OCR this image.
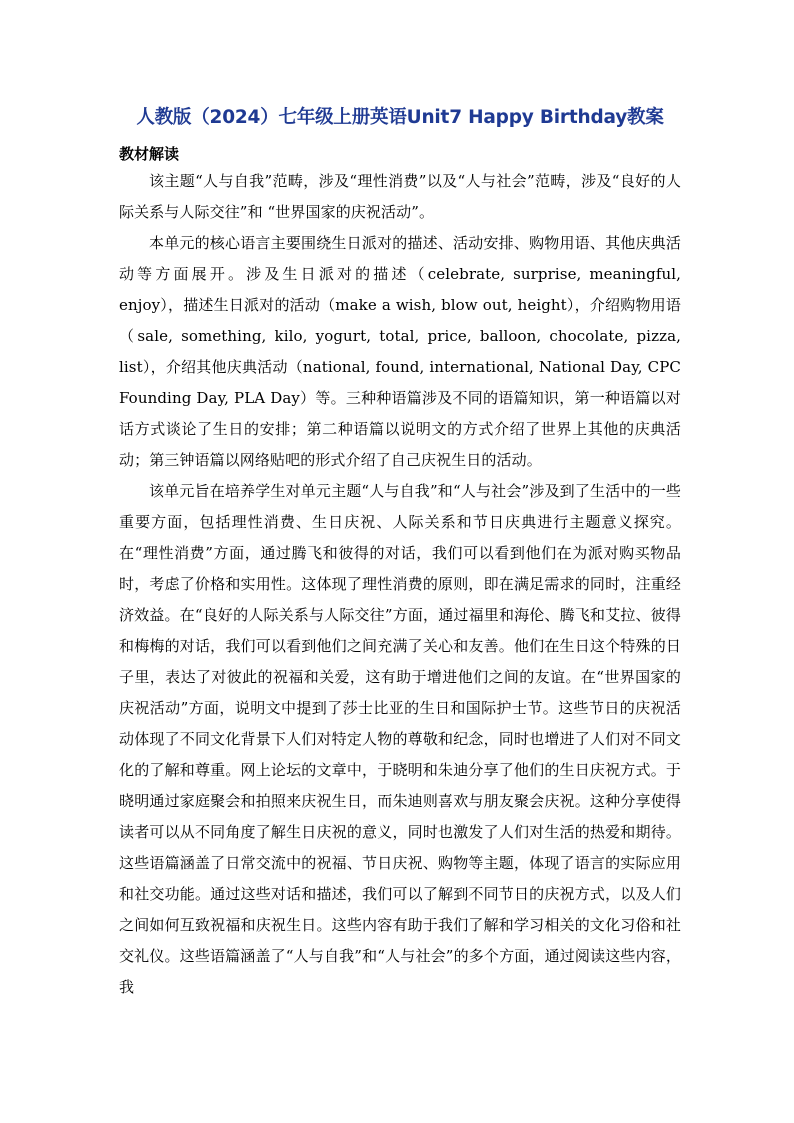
人教版（2024）七年级上册英语Unit7 Happy Birthday教案
教材解读

该主题“人与自我”范畴，涉及“理性消费”以及“人与社会”范畴，涉及“良好的人际关系与人际交往”和 “世界国家的庆祝活动”。

本单元的核心语言主要围绕生日派对的描述、活动安排、购物用语、其他庆典活动等方面展开。涉及生日派对的描述（celebrate, surprise, meaningful, enjoy），描述生日派对的活动（make a wish, blow out, height），介绍购物用语（sale, something, kilo, yogurt, total, price, balloon, chocolate, pizza, list），介绍其他庆典活动（national, found, international, National Day, CPC Founding Day, PLA Day）等。三种种语篇涉及不同的语篇知识，第一种语篇以对话方式谈论了生日的安排；第二种语篇以说明文的方式介绍了世界上其他的庆典活动；第三钟语篇以网络贴吧的形式介绍了自己庆祝生日的活动。

该单元旨在培养学生对单元主题“人与自我”和“人与社会”涉及到了生活中的一些重要方面，包括理性消费、生日庆祝、人际关系和节日庆典进行主题意义探究。在“理性消费”方面，通过腾飞和彼得的对话，我们可以看到他们在为派对购买物品时，考虑了价格和实用性。这体现了理性消费的原则，即在满足需求的同时，注重经济效益。在“良好的人际关系与人际交往”方面，通过福里和海伦、腾飞和艾拉、彼得和梅梅的对话，我们可以看到他们之间充满了关心和友善。他们在生日这个特殊的日子里，表达了对彼此的祝福和关爱，这有助于增进他们之间的友谊。在“世界国家的庆祝活动”方面，说明文中提到了莎士比亚的生日和国际护士节。这些节日的庆祝活动体现了不同文化背景下人们对特定人物的尊敬和纪念，同时也增进了人们对不同文化的了解和尊重。网上论坛的文章中，于晓明和朱迪分享了他们的生日庆祝方式。于晓明通过家庭聚会和拍照来庆祝生日，而朱迪则喜欢与朋友聚会庆祝。这种分享使得读者可以从不同角度了解生日庆祝的意义，同时也激发了人们对生活的热爱和期待。这些语篇涵盖了日常交流中的祝福、节日庆祝、购物等主题，体现了语言的实际应用和社交功能。通过这些对话和描述，我们可以了解到不同节日的庆祝方式，以及人们之间如何互致祝福和庆祝生日。这些内容有助于我们了解和学习相关的文化习俗和社交礼仪。这些语篇涵盖了“人与自我”和“人与社会”的多个方面，通过阅读这些内容，我
